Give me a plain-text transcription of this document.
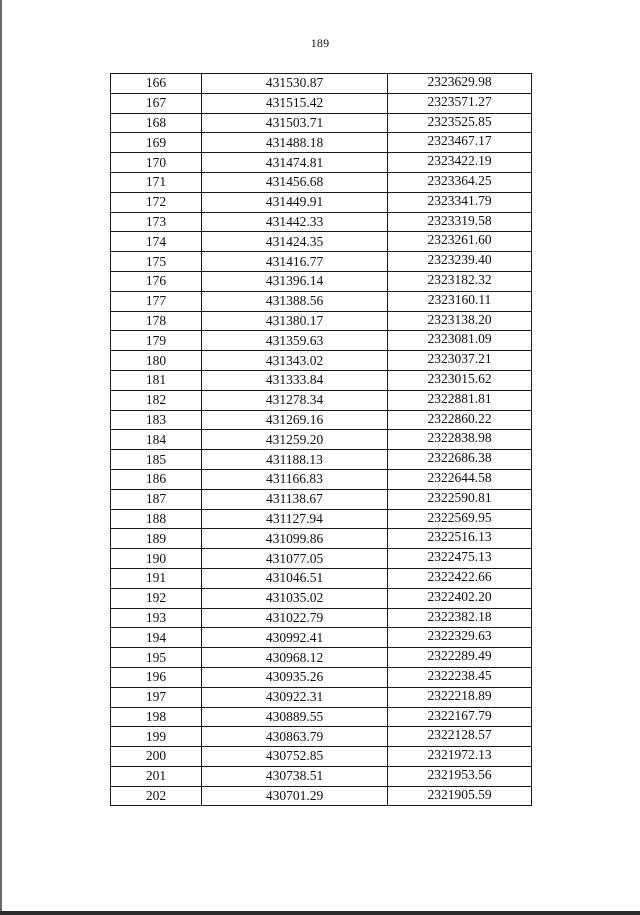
189
166	431530.87	2323629.98
167	431515.42	2323571.27
168	431503.71	2323525.85
169	431488.18	2323467.17
170	431474.81	2323422.19
171	431456.68	2323364.25
172	431449.91	2323341.79
173	431442.33	2323319.58
174	431424.35	2323261.60
175	431416.77	2323239.40
176	431396.14	2323182.32
177	431388.56	2323160.11
178	431380.17	2323138.20
179	431359.63	2323081.09
180	431343.02	2323037.21
181	431333.84	2323015.62
182	431278.34	2322881.81
183	431269.16	2322860.22
184	431259.20	2322838.98
185	431188.13	2322686.38
186	431166.83	2322644.58
187	431138.67	2322590.81
188	431127.94	2322569.95
189	431099.86	2322516.13
190	431077.05	2322475.13
191	431046.51	2322422.66
192	431035.02	2322402.20
193	431022.79	2322382.18
194	430992.41	2322329.63
195	430968.12	2322289.49
196	430935.26	2322238.45
197	430922.31	2322218.89
198	430889.55	2322167.79
199	430863.79	2322128.57
200	430752.85	2321972.13
201	430738.51	2321953.56
202	430701.29	2321905.59
